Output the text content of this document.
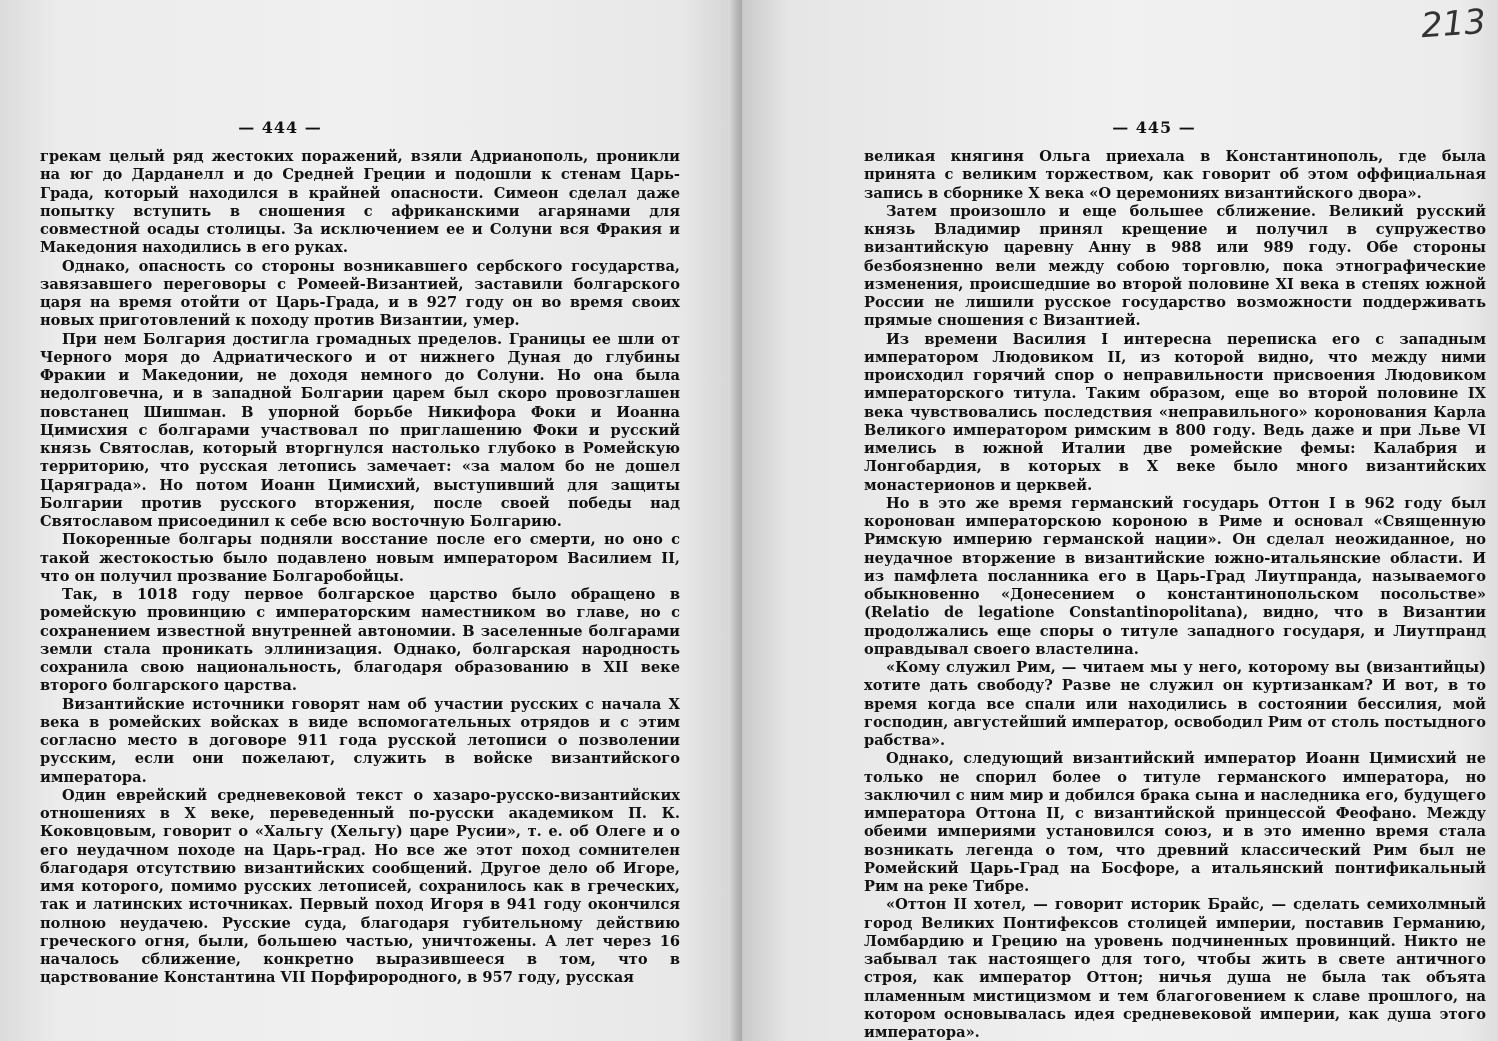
— 444 —

грекам целый ряд жестоких поражений, взяли Адрианополь, проникли на юг до Дарданелл и до Средней Греции и подошли к стенам Царь-Града, который находился в крайней опасности. Симеон сделал даже попытку вступить в сношения с африканскими агарянами для совместной осады столицы. За исключением ее и Солуни вся Фракия и Македония находились в его руках.

Однако, опасность со стороны возникавшего сербского государства, завязавшего переговоры с Ромеей-Византией, заставили болгарского царя на время отойти от Царь-Града, и в 927 году он во время своих новых приготовлений к походу против Византии, умер.

При нем Болгария достигла громадных пределов. Границы ее шли от Черного моря до Адриатического и от нижнего Дуная до глубины Фракии и Македонии, не доходя немного до Солуни. Но она была недолговечна, и в западной Болгарии царем был скоро провозглашен повстанец Шишман. В упорной борьбе Никифора Фоки и Иоанна Цимисхия с болгарами участвовал по приглашению Фоки и русский князь Святослав, который вторгнулся настолько глубоко в Ромейскую территорию, что русская летопись замечает: «за малом бо не дошел Царяграда». Но потом Иоанн Цимисхий, выступивший для защиты Болгарии против русского вторжения, после своей победы над Святославом присоединил к себе всю восточную Болгарию.

Покоренные болгары подняли восстание после его смерти, но оно с такой жестокостью было подавлено новым императором Василием II, что он получил прозвание Болгаробойцы.

Так, в 1018 году первое болгарское царство было обращено в ромейскую провинцию с императорским наместником во главе, но с сохранением известной внутренней автономии. В заселенные болгарами земли стала проникать эллинизация. Однако, болгарская народность сохранила свою национальность, благодаря образованию в XII веке второго болгарского царства.

Византийские источники говорят нам об участии русских с начала X века в ромейских войсках в виде вспомогательных отрядов и с этим согласно место в договоре 911 года русской летописи о позволении русским, если они пожелают, служить в войске византийского императора.

Один еврейский средневековой текст о хазаро-русско-византийских отношениях в X веке, переведенный по-русски академиком П. К. Коковцовым, говорит о «Хальгу (Хельгу) царе Русии», т. е. об Олеге и о его неудачном походе на Царь-град. Но все же этот поход сомнителен благодаря отсутствию византийских сообщений. Другое дело об Игоре, имя которого, помимо русских летописей, сохранилось как в греческих, так и латинских источниках. Первый поход Игоря в 941 году окончился полною неудачею. Русские суда, благодаря губительному действию греческого огня, были, большею частью, уничтожены. А лет через 16 началось сближение, конкретно выразившееся в том, что в царствование Константина VII Порфирородного, в 957 году, русская

213
— 445 —

великая княгиня Ольга приехала в Константинополь, где была принята с великим торжеством, как говорит об этом оффициальная запись в сборнике X века «О церемониях византийского двора».

Затем произошло и еще большее сближение. Великий русский князь Владимир принял крещение и получил в супружество византийскую царевну Анну в 988 или 989 году. Обе стороны безбоязненно вели между собою торговлю, пока этнографические изменения, происшедшие во второй половине XI века в степях южной России не лишили русское государство возможности поддерживать прямые сношения с Византией.

Из времени Василия I интересна переписка его с западным императором Людовиком II, из которой видно, что между ними происходил горячий спор о неправильности присвоения Людовиком императорского титула. Таким образом, еще во второй половине IX века чувствовались последствия «неправильного» коронования Карла Великого императором римским в 800 году. Ведь даже и при Льве VI имелись в южной Италии две ромейские фемы: Калабрия и Лонгобардия, в которых в X веке было много византийских монастерионов и церквей.

Но в это же время германский государь Оттон I в 962 году был коронован императорскою короною в Риме и основал «Священную Римскую империю германской нации». Он сделал неожиданное, но неудачное вторжение в византийские южно-итальянские области. И из памфлета посланника его в Царь-Град Лиутпранда, называемого обыкновенно «Донесением о константинопольском посольстве» (Relatio de legatione Constantinopolitana), видно, что в Византии продолжались еще споры о титуле западного государя, и Лиутпранд оправдывал своего властелина.

«Кому служил Рим, — читаем мы у него, которому вы (византийцы) хотите дать свободу? Разве не служил он куртизанкам? И вот, в то время когда все спали или находились в состоянии бессилия, мой господин, августейший император, освободил Рим от столь постыдного рабства».

Однако, следующий византийский император Иоанн Цимисхий не только не спорил более о титуле германского императора, но заключил с ним мир и добился брака сына и наследника его, будущего императора Оттона II, с византийской принцессой Феофано. Между обеими империями установился союз, и в это именно время стала возникать легенда о том, что древний классический Рим был не Ромейский Царь-Град на Босфоре, а итальянский понтификальный Рим на реке Тибре.

«Оттон II хотел, — говорит историк Брайс, — сделать семихолмный город Великих Понтифексов столицей империи, поставив Германию, Ломбардию и Грецию на уровень подчиненных провинций. Никто не забывал так настоящего для того, чтобы жить в свете античного строя, как император Оттон; ничья душа не была так объята пламенным мистицизмом и тем благоговением к славе прошлого, на котором основывалась идея средневековой империи, как душа этого императора».
